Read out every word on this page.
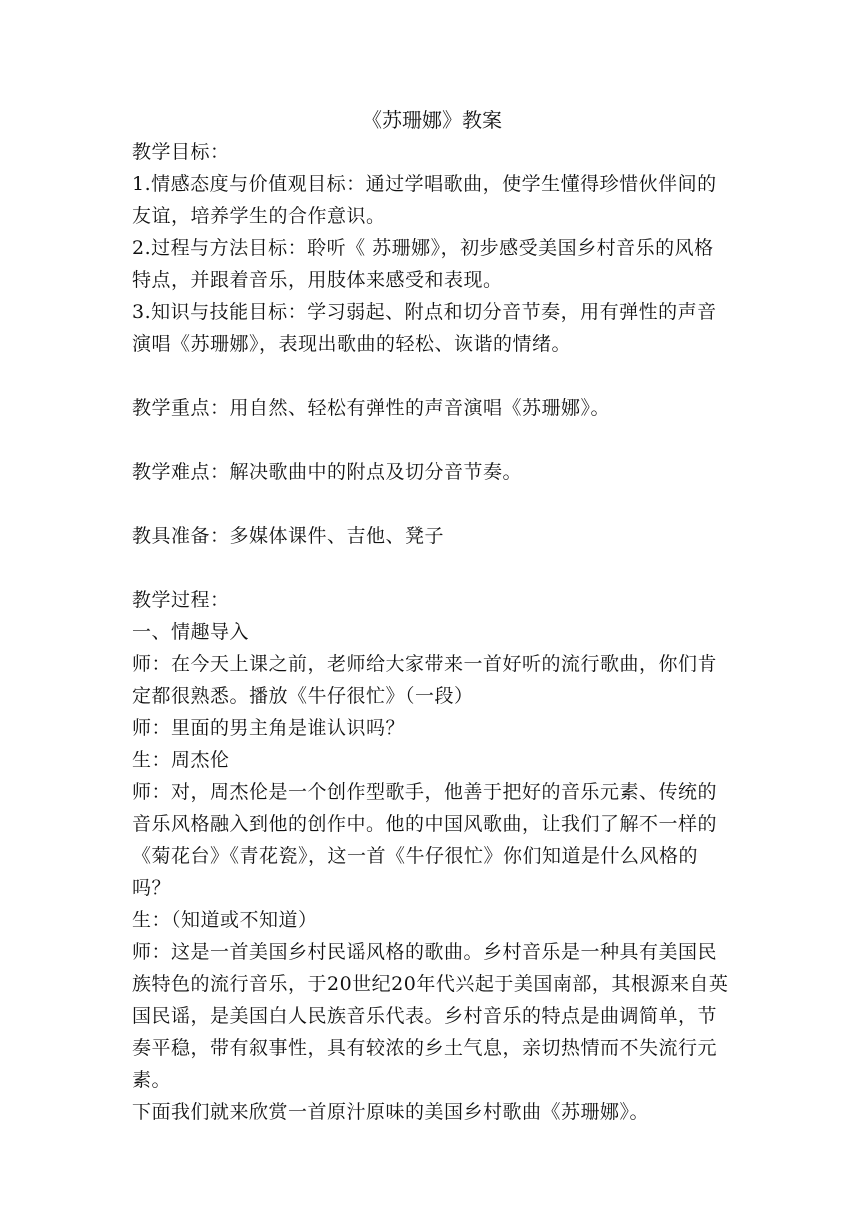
《苏珊娜》教案

教学目标：

1.情感态度与价值观目标：通过学唱歌曲，使学生懂得珍惜伙伴间的友谊，培养学生的合作意识。

2.过程与方法目标：聆听《 苏珊娜》，初步感受美国乡村音乐的风格特点，并跟着音乐，用肢体来感受和表现。

3.知识与技能目标：学习弱起、附点和切分音节奏，用有弹性的声音演唱《苏珊娜》，表现出歌曲的轻松、诙谐的情绪。

教学重点：用自然、轻松有弹性的声音演唱《苏珊娜》。

教学难点：解决歌曲中的附点及切分音节奏。

教具准备：多媒体课件、吉他、凳子

教学过程：

一、情趣导入

师：在今天上课之前，老师给大家带来一首好听的流行歌曲，你们肯定都很熟悉。播放《牛仔很忙》（一段）

师：里面的男主角是谁认识吗？

生：周杰伦

师：对，周杰伦是一个创作型歌手，他善于把好的音乐元素、传统的音乐风格融入到他的创作中。他的中国风歌曲，让我们了解不一样的《菊花台》《青花瓷》，这一首《牛仔很忙》你们知道是什么风格的吗？

生：（知道或不知道）

师：这是一首美国乡村民谣风格的歌曲。乡村音乐是一种具有美国民族特色的流行音乐，于20世纪20年代兴起于美国南部，其根源来自英国民谣，是美国白人民族音乐代表。乡村音乐的特点是曲调简单，节奏平稳，带有叙事性，具有较浓的乡土气息，亲切热情而不失流行元素。

下面我们就来欣赏一首原汁原味的美国乡村歌曲《苏珊娜》。
